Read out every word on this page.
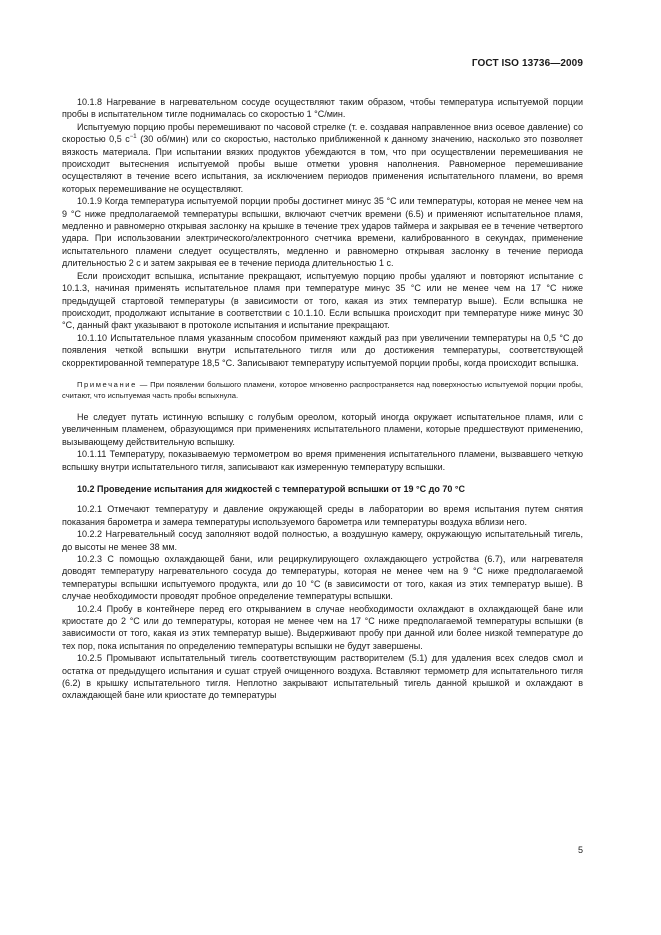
ГОСТ ISO 13736—2009

10.1.8 Нагревание в нагревательном сосуде осуществляют таким образом, чтобы температура испытуемой порции пробы в испытательном тигле поднималась со скоростью 1 °С/мин.

Испытуемую порцию пробы перемешивают по часовой стрелке (т. е. создавая направленное вниз осевое давление) со скоростью 0,5 $с^{-1}$ (30 об/мин) или со скоростью, настолько приближенной к данному значению, насколько это позволяет вязкость материала. При испытании вязких продуктов убеждаются в том, что при осуществлении перемешивания не происходит вытеснения испытуемой пробы выше отметки уровня наполнения. Равномерное перемешивание осуществляют в течение всего испытания, за исключением периодов применения испытательного пламени, во время которых перемешивание не осуществляют.

10.1.9 Когда температура испытуемой порции пробы достигнет минус 35 °С или температуры, которая не менее чем на 9 °С ниже предполагаемой температуры вспышки, включают счетчик времени (6.5) и применяют испытательное пламя, медленно и равномерно открывая заслонку на крышке в течение трех ударов таймера и закрывая ее в течение четвертого удара. При использовании электрического/электронного счетчика времени, калиброванного в секундах, применение испытательного пламени следует осуществлять, медленно и равномерно открывая заслонку в течение периода длительностью 2 с и затем закрывая ее в течение периода длительностью 1 с.

Если происходит вспышка, испытание прекращают, испытуемую порцию пробы удаляют и повторяют испытание с 10.1.3, начиная применять испытательное пламя при температуре минус 35 °С или не менее чем на 17 °С ниже предыдущей стартовой температуры (в зависимости от того, какая из этих температур выше). Если вспышка не происходит, продолжают испытание в соответствии с 10.1.10. Если вспышка происходит при температуре ниже минус 30 °С, данный факт указывают в протоколе испытания и испытание прекращают.

10.1.10 Испытательное пламя указанным способом применяют каждый раз при увеличении температуры на 0,5 °С до появления четкой вспышки внутри испытательного тигля или до достижения температуры, соответствующей скорректированной температуре 18,5 °С. Записывают температуру испытуемой порции пробы, когда происходит вспышка.

Примечание — При появлении большого пламени, которое мгновенно распространяется над поверхностью испытуемой порции пробы, считают, что испытуемая часть пробы вспыхнула.

Не следует путать истинную вспышку с голубым ореолом, который иногда окружает испытательное пламя, или с увеличенным пламенем, образующимся при применениях испытательного пламени, которые предшествуют применению, вызывающему действительную вспышку.

10.1.11 Температуру, показываемую термометром во время применения испытательного пламени, вызвавшего четкую вспышку внутри испытательного тигля, записывают как измеренную температуру вспышки.

10.2 Проведение испытания для жидкостей с температурой вспышки от 19 °С до 70 °С

10.2.1 Отмечают температуру и давление окружающей среды в лаборатории во время испытания путем снятия показания барометра и замера температуры используемого барометра или температуры воздуха вблизи него.

10.2.2 Нагревательный сосуд заполняют водой полностью, а воздушную камеру, окружающую испытательный тигель, до высоты не менее 38 мм.

10.2.3 С помощью охлаждающей бани, или рециркулирующего охлаждающего устройства (6.7), или нагревателя доводят температуру нагревательного сосуда до температуры, которая не менее чем на 9 °С ниже предполагаемой температуры вспышки испытуемого продукта, или до 10 °С (в зависимости от того, какая из этих температур выше). В случае необходимости проводят пробное определение температуры вспышки.

10.2.4 Пробу в контейнере перед его открыванием в случае необходимости охлаждают в охлаждающей бане или криостате до 2 °С или до температуры, которая не менее чем на 17 °С ниже предполагаемой температуры вспышки (в зависимости от того, какая из этих температур выше). Выдерживают пробу при данной или более низкой температуре до тех пор, пока испытания по определению температуры вспышки не будут завершены.

10.2.5 Промывают испытательный тигель соответствующим растворителем (5.1) для удаления всех следов смол и остатка от предыдущего испытания и сушат струей очищенного воздуха. Вставляют термометр для испытательного тигля (6.2) в крышку испытательного тигля. Неплотно закрывают испытательный тигель данной крышкой и охлаждают в охлаждающей бане или криостате до температуры

5
